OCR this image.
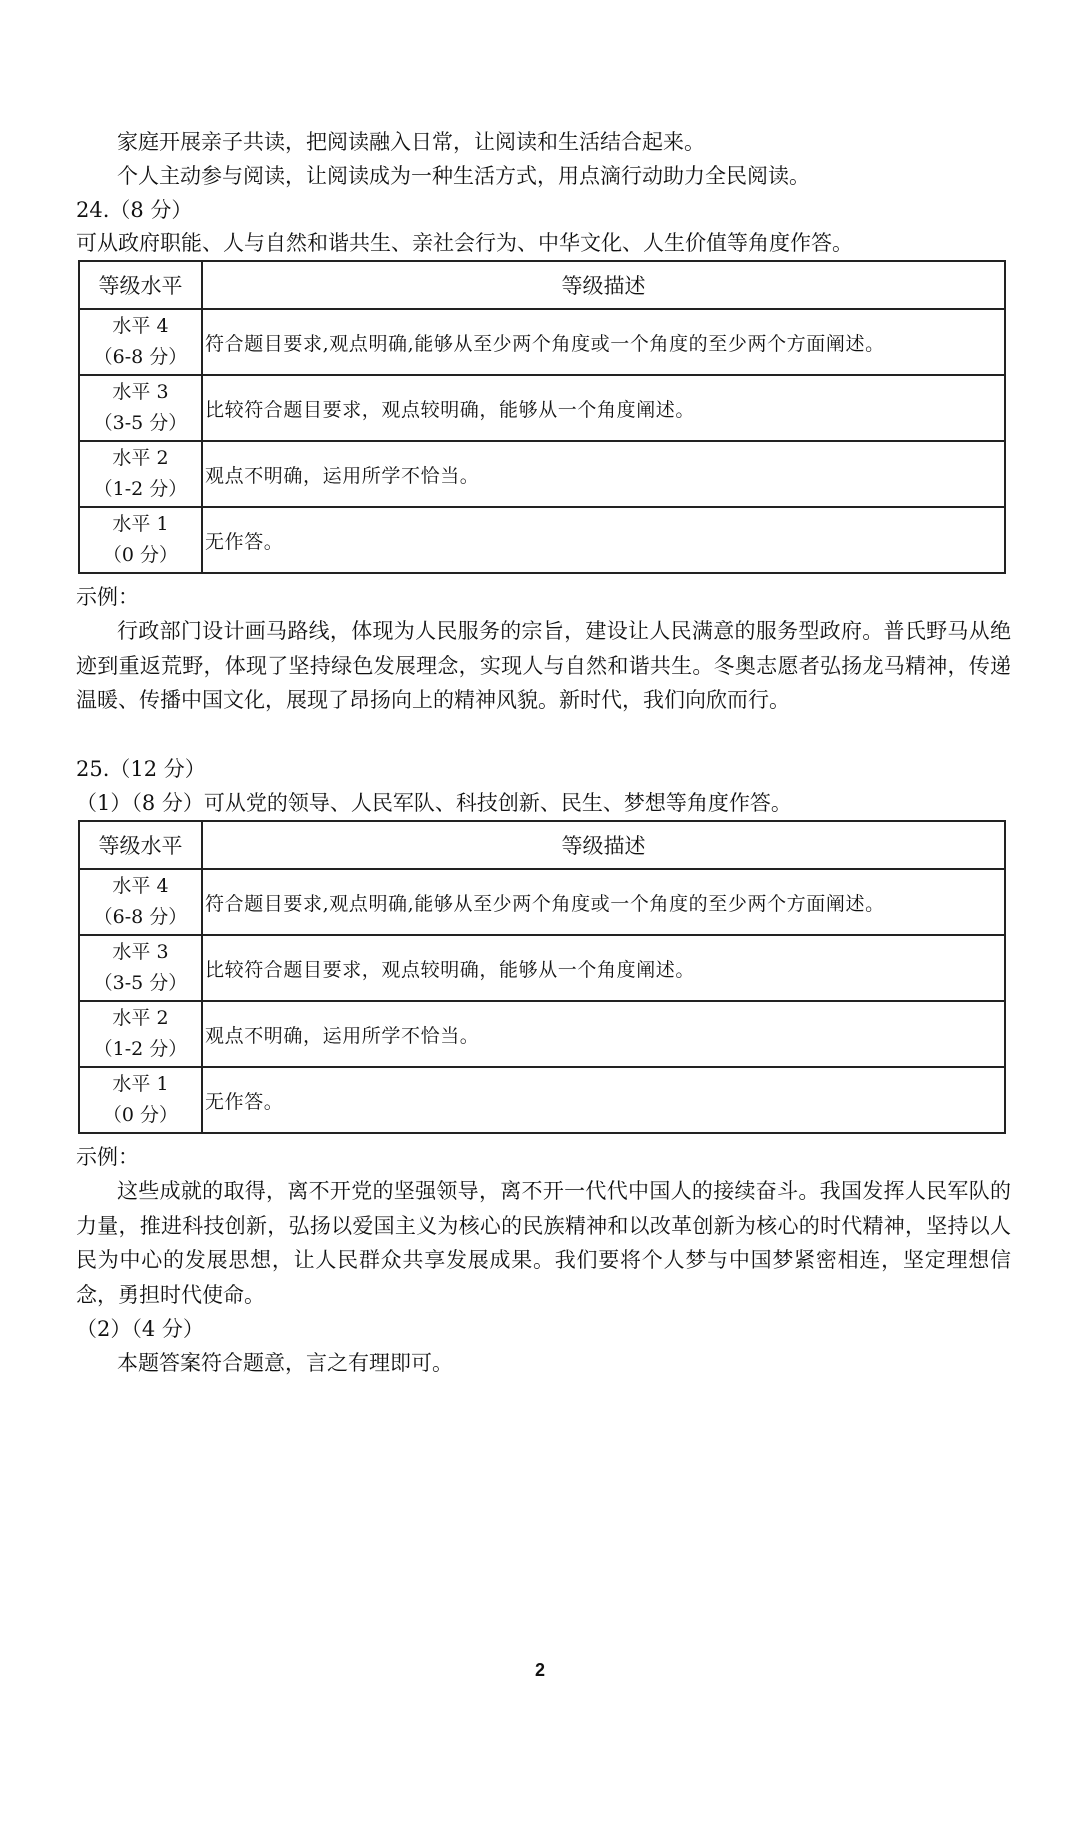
家庭开展亲子共读，把阅读融入日常，让阅读和生活结合起来。
个人主动参与阅读，让阅读成为一种生活方式，用点滴行动助力全民阅读。
24.（8 分）
可从政府职能、人与自然和谐共生、亲社会行为、中华文化、人生价值等角度作答。
等级水平	等级描述

水平 4
（6-8 分）	符合题目要求,观点明确,能够从至少两个角度或一个角度的至少两个方面阐述。

水平 3
（3-5 分）	比较符合题目要求，观点较明确，能够从一个角度阐述。

水平 2
（1-2 分）	观点不明确，运用所学不恰当。

水平 1
（0 分）	无作答。
示例：
行政部门设计画马路线，体现为人民服务的宗旨，建设让人民满意的服务型政府。普氏野马从绝迹到重返荒野，体现了坚持绿色发展理念，实现人与自然和谐共生。冬奥志愿者弘扬龙马精神，传递温暖、传播中国文化，展现了昂扬向上的精神风貌。新时代，我们向欣而行。
25.（12 分）
（1）（8 分）可从党的领导、人民军队、科技创新、民生、梦想等角度作答。
等级水平	等级描述

水平 4
（6-8 分）	符合题目要求,观点明确,能够从至少两个角度或一个角度的至少两个方面阐述。

水平 3
（3-5 分）	比较符合题目要求，观点较明确，能够从一个角度阐述。

水平 2
（1-2 分）	观点不明确，运用所学不恰当。

水平 1
（0 分）	无作答。
示例：
这些成就的取得，离不开党的坚强领导，离不开一代代中国人的接续奋斗。我国发挥人民军队的力量，推进科技创新，弘扬以爱国主义为核心的民族精神和以改革创新为核心的时代精神，坚持以人民为中心的发展思想，让人民群众共享发展成果。我们要将个人梦与中国梦紧密相连，坚定理想信念，勇担时代使命。
（2）（4 分）
本题答案符合题意，言之有理即可。
2
